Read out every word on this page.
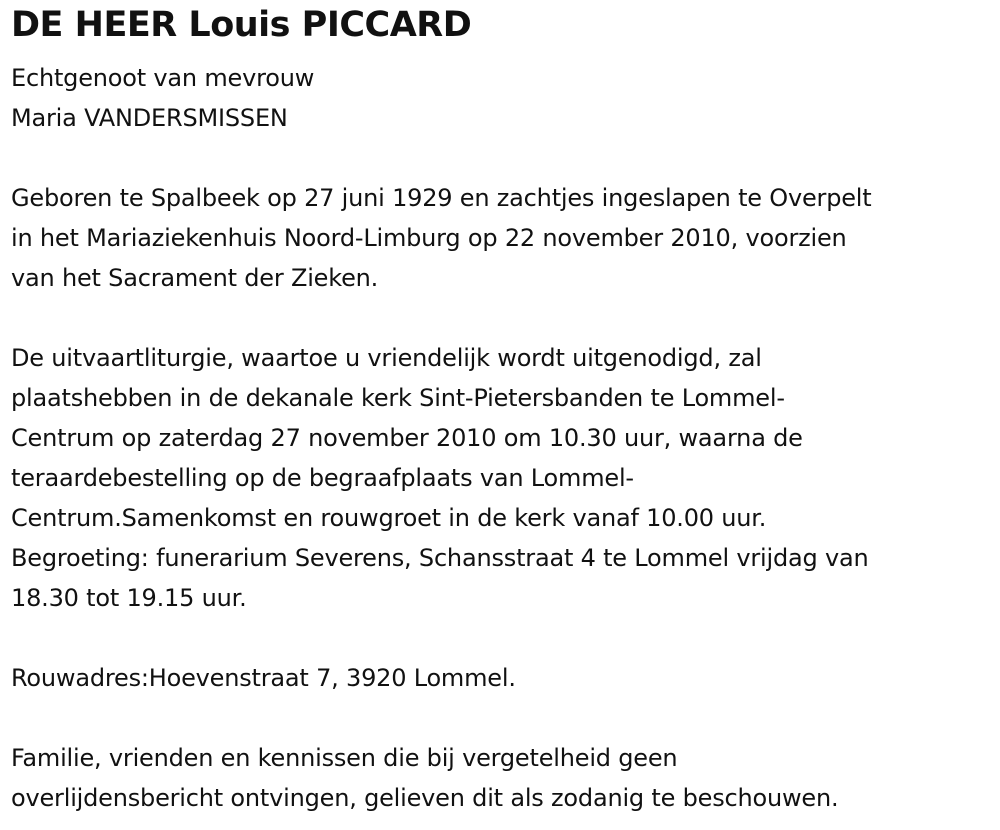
DE HEER Louis PICCARD

Echtgenoot van mevrouw

Maria VANDERSMISSEN

Geboren te Spalbeek op 27 juni 1929 en zachtjes ingeslapen te Overpelt

in het Mariaziekenhuis Noord-Limburg op 22 november 2010, voorzien

van het Sacrament der Zieken.

De uitvaartliturgie, waartoe u vriendelijk wordt uitgenodigd, zal

plaatshebben in de dekanale kerk Sint-Pietersbanden te Lommel-

Centrum op zaterdag 27 november 2010 om 10.30 uur, waarna de

teraardebestelling op de begraafplaats van Lommel-

Centrum.Samenkomst en rouwgroet in de kerk vanaf 10.00 uur.

Begroeting: funerarium Severens, Schansstraat 4 te Lommel vrijdag van

18.30 tot 19.15 uur.

Rouwadres:Hoevenstraat 7, 3920 Lommel.

Familie, vrienden en kennissen die bij vergetelheid geen

overlijdensbericht ontvingen, gelieven dit als zodanig te beschouwen.
